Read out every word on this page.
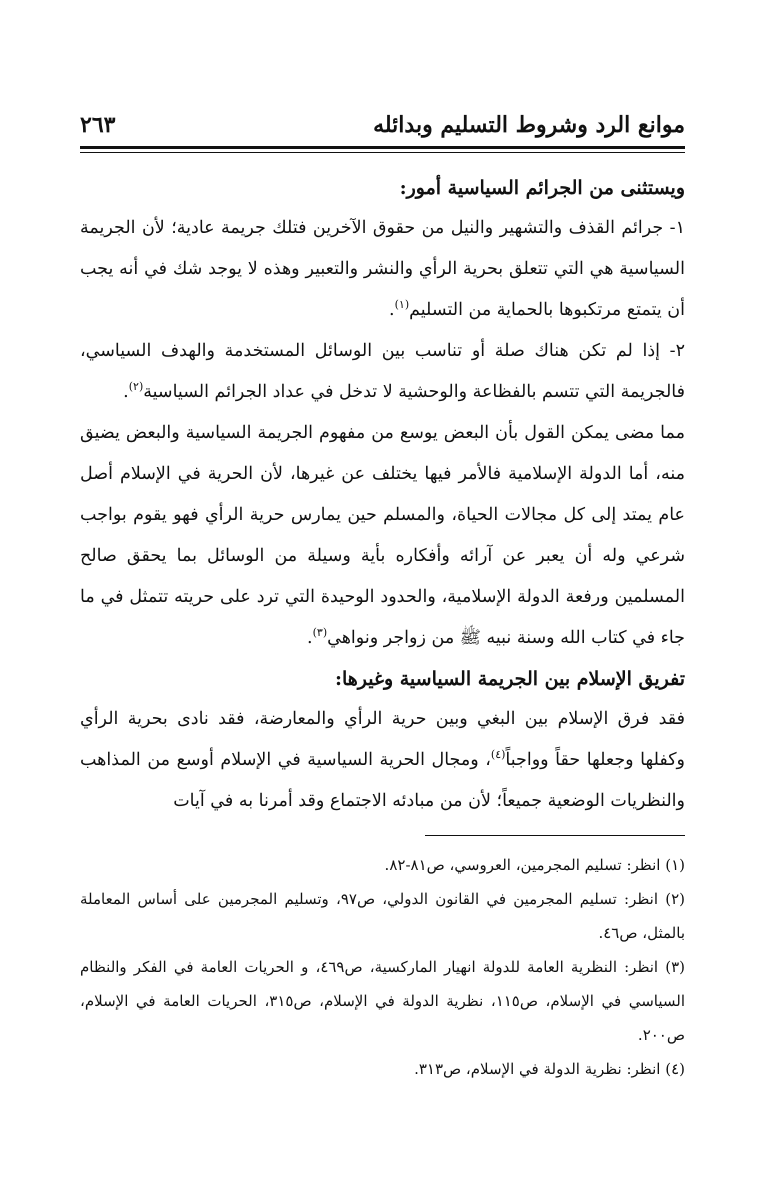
موانع الرد وشروط التسليم وبدائله
٢٦٣

ويستثنى من الجرائم السياسية أمور:

١- جرائم القذف والتشهير والنيل من حقوق الآخرين فتلك جريمة عادية؛ لأن الجريمة السياسية هي التي تتعلق بحرية الرأي والنشر والتعبير وهذه لا يوجد شك في أنه يجب أن يتمتع مرتكبوها بالحماية من التسليم$^{(١)}$.

٢- إذا لم تكن هناك صلة أو تناسب بين الوسائل المستخدمة والهدف السياسي، فالجريمة التي تتسم بالفظاعة والوحشية لا تدخل في عداد الجرائم السياسية$^{(٢)}$.

مما مضى يمكن القول بأن البعض يوسع من مفهوم الجريمة السياسية والبعض يضيق منه، أما الدولة الإسلامية فالأمر فيها يختلف عن غيرها، لأن الحرية في الإسلام أصل عام يمتد إلى كل مجالات الحياة، والمسلم حين يمارس حرية الرأي فهو يقوم بواجب شرعي وله أن يعبر عن آرائه وأفكاره بأية وسيلة من الوسائل بما يحقق صالح المسلمين ورفعة الدولة الإسلامية، والحدود الوحيدة التي ترد على حريته تتمثل في ما جاء في كتاب الله وسنة نبيه ﷺ من زواجر ونواهي$^{(٣)}$.

تفريق الإسلام بين الجريمة السياسية وغيرها:

فقد فرق الإسلام بين البغي وبين حرية الرأي والمعارضة، فقد نادى بحرية الرأي وكفلها وجعلها حقاً وواجباً$^{(٤)}$، ومجال الحرية السياسية في الإسلام أوسع من المذاهب والنظريات الوضعية جميعاً؛ لأن من مبادئه الاجتماع وقد أمرنا به في آيات

(١) انظر: تسليم المجرمين، العروسي، ص٨١-٨٢.

(٢) انظر: تسليم المجرمين في القانون الدولي، ص٩٧، وتسليم المجرمين على أساس المعاملة بالمثل، ص٤٦.

(٣) انظر: النظرية العامة للدولة انهيار الماركسية، ص٤٦٩، و الحريات العامة في الفكر والنظام السياسي في الإسلام، ص١١٥، نظرية الدولة في الإسلام، ص٣١٥، الحريات العامة في الإسلام، ص٢٠٠.

(٤) انظر: نظرية الدولة في الإسلام، ص٣١٣.
